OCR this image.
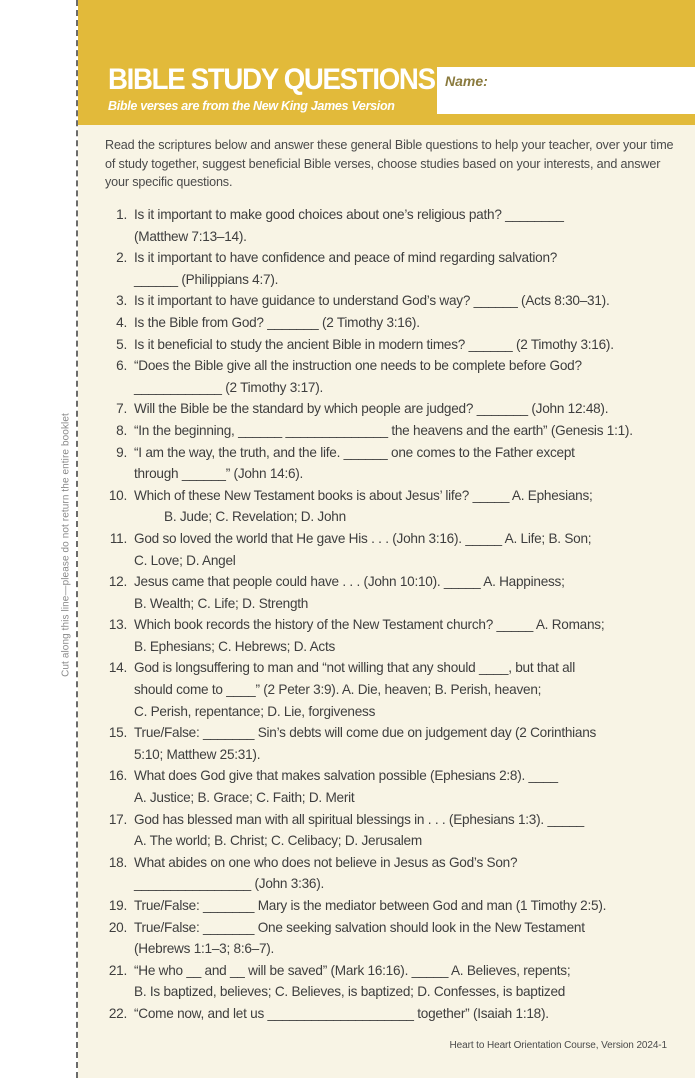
Cut along this line—please do not return the entire booklet
BIBLE STUDY QUESTIONS
Bible verses are from the New King James Version
Name:
Read the scriptures below and answer these general Bible questions to help your teacher, over your time of study together, suggest beneficial Bible verses, choose studies based on your interests, and answer your specific questions.
1. Is it important to make good choices about one’s religious path? ________
(Matthew 7:13–14).
2. Is it important to have confidence and peace of mind regarding salvation?
______ (Philippians 4:7).
3. Is it important to have guidance to understand God’s way? ______ (Acts 8:30–31).
4. Is the Bible from God? _______ (2 Timothy 3:16).
5. Is it beneficial to study the ancient Bible in modern times? ______ (2 Timothy 3:16).
6. “Does the Bible give all the instruction one needs to be complete before God?
____________ (2 Timothy 3:17).
7. Will the Bible be the standard by which people are judged? _______ (John 12:48).
8. “In the beginning, ______ ______________ the heavens and the earth” (Genesis 1:1).
9. “I am the way, the truth, and the life. ______ one comes to the Father except
through ______” (John 14:6).
10. Which of these New Testament books is about Jesus’ life? _____ A. Ephesians;
B. Jude; C. Revelation; D. John
11. God so loved the world that He gave His . . . (John 3:16). _____ A. Life; B. Son;
C. Love; D. Angel
12. Jesus came that people could have . . . (John 10:10). _____ A. Happiness;
B. Wealth; C. Life; D. Strength
13. Which book records the history of the New Testament church? _____ A. Romans;
B. Ephesians; C. Hebrews; D. Acts
14. God is longsuffering to man and “not willing that any should ____, but that all
should come to ____” (2 Peter 3:9). A. Die, heaven; B. Perish, heaven;
C. Perish, repentance; D. Lie, forgiveness
15. True/False: _______ Sin’s debts will come due on judgement day (2 Corinthians
5:10; Matthew 25:31).
16. What does God give that makes salvation possible (Ephesians 2:8). ____
A. Justice; B. Grace; C. Faith; D. Merit
17. God has blessed man with all spiritual blessings in . . . (Ephesians 1:3). _____
A. The world; B. Christ; C. Celibacy; D. Jerusalem
18. What abides on one who does not believe in Jesus as God’s Son?
________________ (John 3:36).
19. True/False: _______ Mary is the mediator between God and man (1 Timothy 2:5).
20. True/False: _______ One seeking salvation should look in the New Testament
(Hebrews 1:1–3; 8:6–7).
21. “He who __ and __ will be saved” (Mark 16:16). _____ A. Believes, repents;
B. Is baptized, believes; C. Believes, is baptized; D. Confesses, is baptized
22. “Come now, and let us ____________________ together” (Isaiah 1:18).
Heart to Heart Orientation Course, Version 2024-1
